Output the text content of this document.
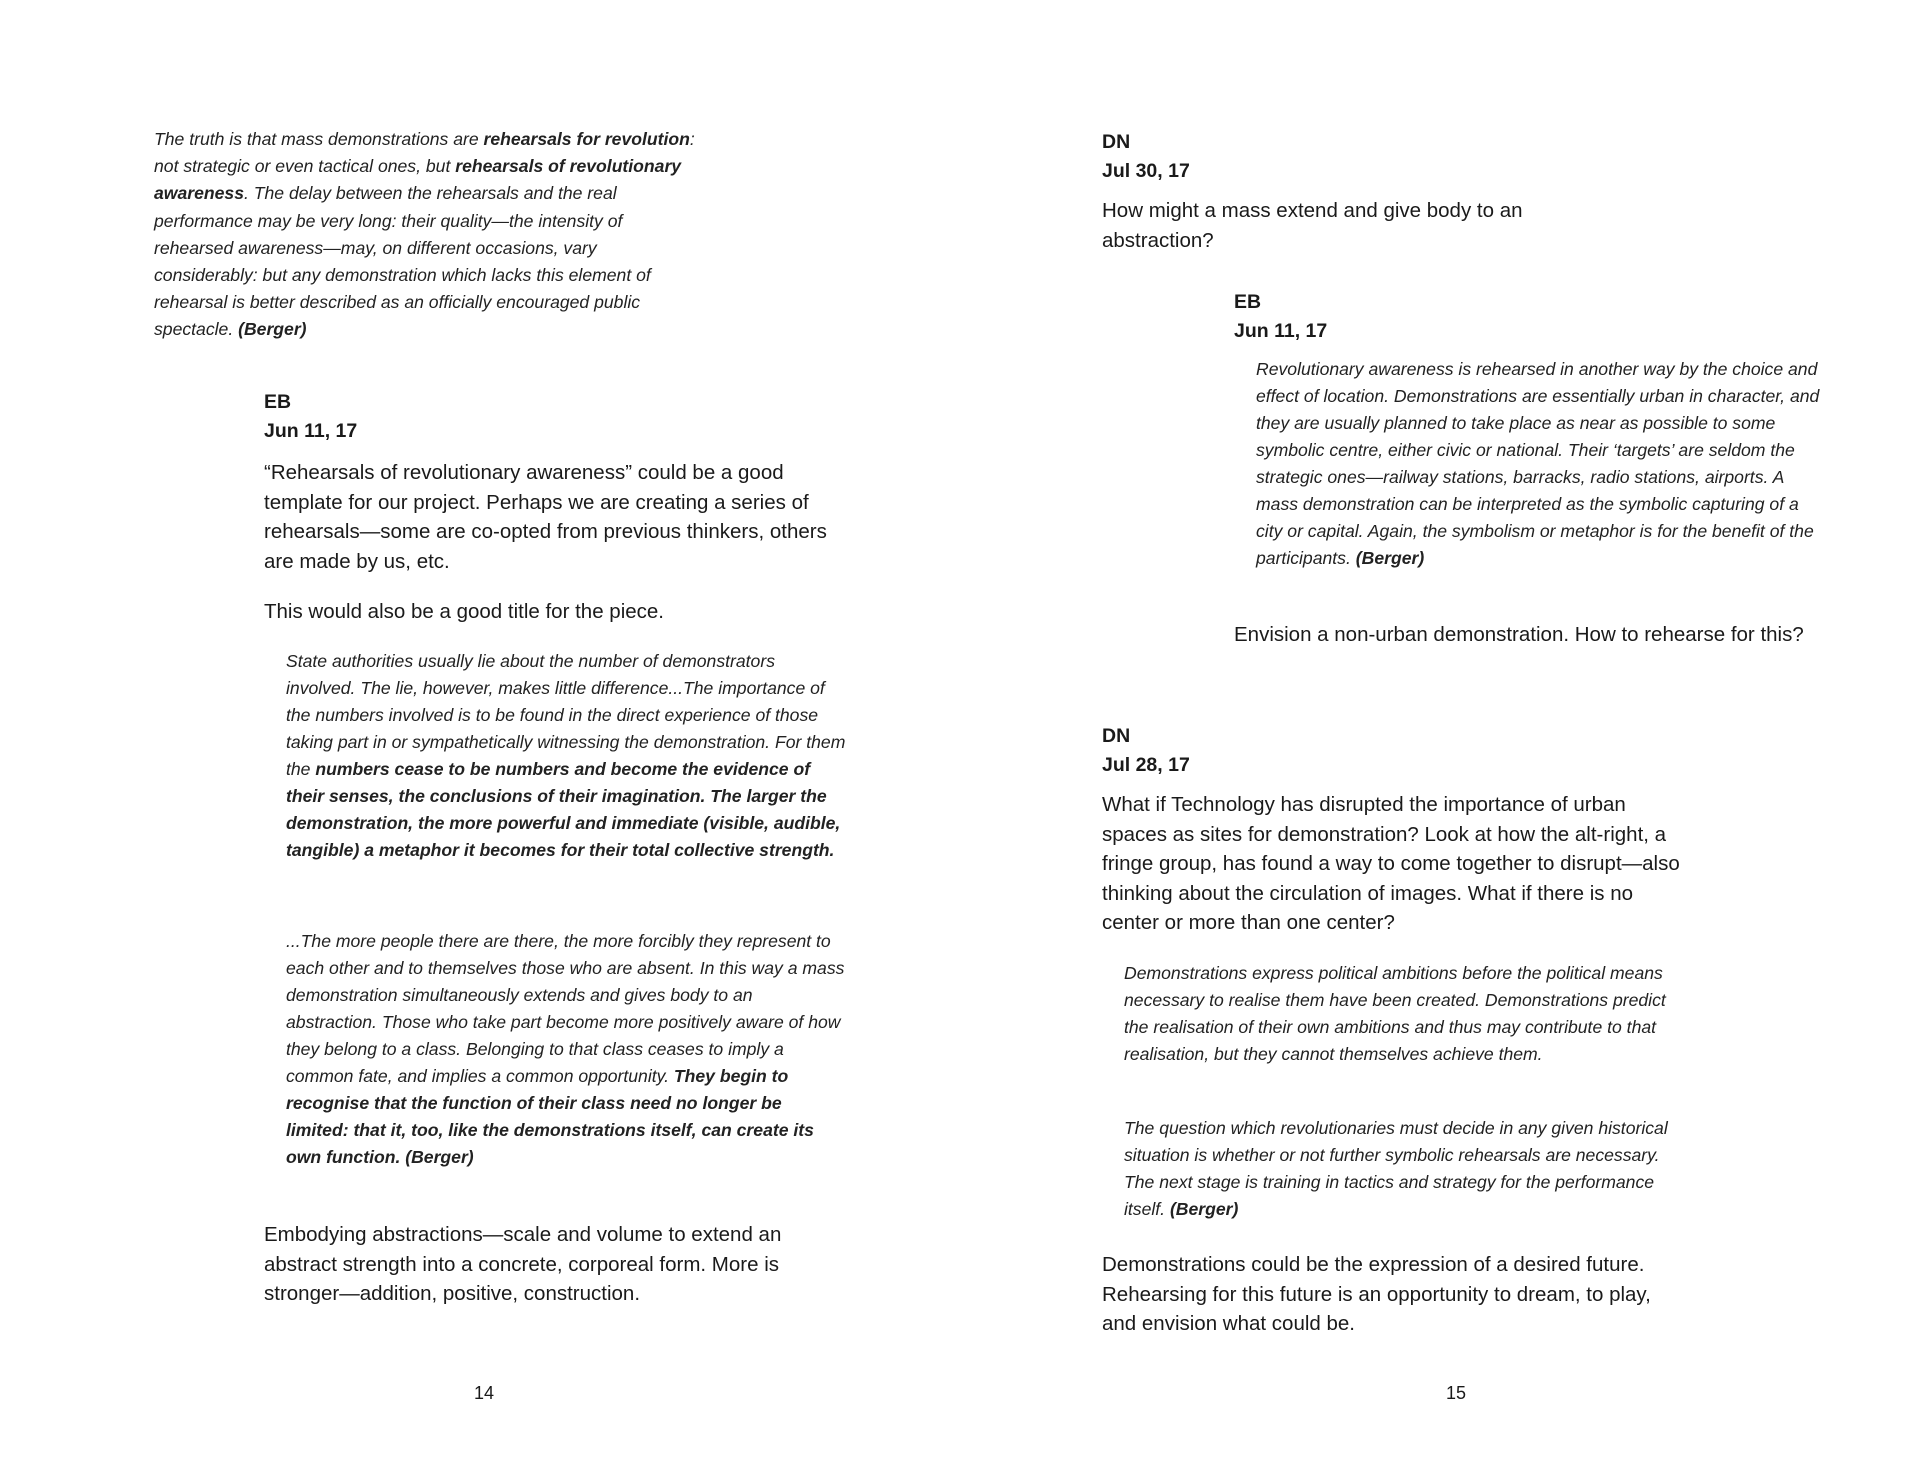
The truth is that mass demonstrations are rehearsals for revolution: not strategic or even tactical ones, but rehearsals of revolutionary awareness. The delay between the rehearsals and the real performance may be very long: their quality—the intensity of rehearsed awareness—may, on different occasions, vary considerably: but any demonstration which lacks this element of rehearsal is better described as an officially encouraged public spectacle. (Berger)

EB
Jun 11, 17

“Rehearsals of revolutionary awareness” could be a good template for our project. Perhaps we are creating a series of rehearsals—some are co-opted from previous thinkers, others are made by us, etc.

This would also be a good title for the piece.

State authorities usually lie about the number of demonstrators involved. The lie, however, makes little difference...The importance of the numbers involved is to be found in the direct experience of those taking part in or sympathetically witnessing the demonstration. For them the numbers cease to be numbers and become the evidence of their senses, the conclusions of their imagination. The larger the demonstration, the more powerful and immediate (visible, audible, tangible) a metaphor it becomes for their total collective strength.

...The more people there are there, the more forcibly they represent to each other and to themselves those who are absent. In this way a mass demonstration simultaneously extends and gives body to an abstraction. Those who take part become more positively aware of how they belong to a class. Belonging to that class ceases to imply a common fate, and implies a common opportunity. They begin to recognise that the function of their class need no longer be limited: that it, too, like the demonstrations itself, can create its own function. (Berger)

Embodying abstractions—scale and volume to extend an abstract strength into a concrete, corporeal form. More is stronger—addition, positive, construction.

14
DN
Jul 30, 17

How might a mass extend and give body to an abstraction?

EB
Jun 11, 17

Revolutionary awareness is rehearsed in another way by the choice and effect of location. Demonstrations are essentially urban in character, and they are usually planned to take place as near as possible to some symbolic centre, either civic or national. Their ‘targets’ are seldom the strategic ones—railway stations, barracks, radio stations, airports. A mass demonstration can be interpreted as the symbolic capturing of a city or capital. Again, the symbolism or metaphor is for the benefit of the participants. (Berger)

Envision a non-urban demonstration. How to rehearse for this?

DN
Jul 28, 17

What if Technology has disrupted the importance of urban spaces as sites for demonstration? Look at how the alt-right, a fringe group, has found a way to come together to disrupt—also thinking about the circulation of images. What if there is no center or more than one center?

Demonstrations express political ambitions before the political means necessary to realise them have been created. Demonstrations predict the realisation of their own ambitions and thus may contribute to that realisation, but they cannot themselves achieve them.

The question which revolutionaries must decide in any given historical situation is whether or not further symbolic rehearsals are necessary. The next stage is training in tactics and strategy for the performance itself. (Berger)

Demonstrations could be the expression of a desired future. Rehearsing for this future is an opportunity to dream, to play, and envision what could be.

15
